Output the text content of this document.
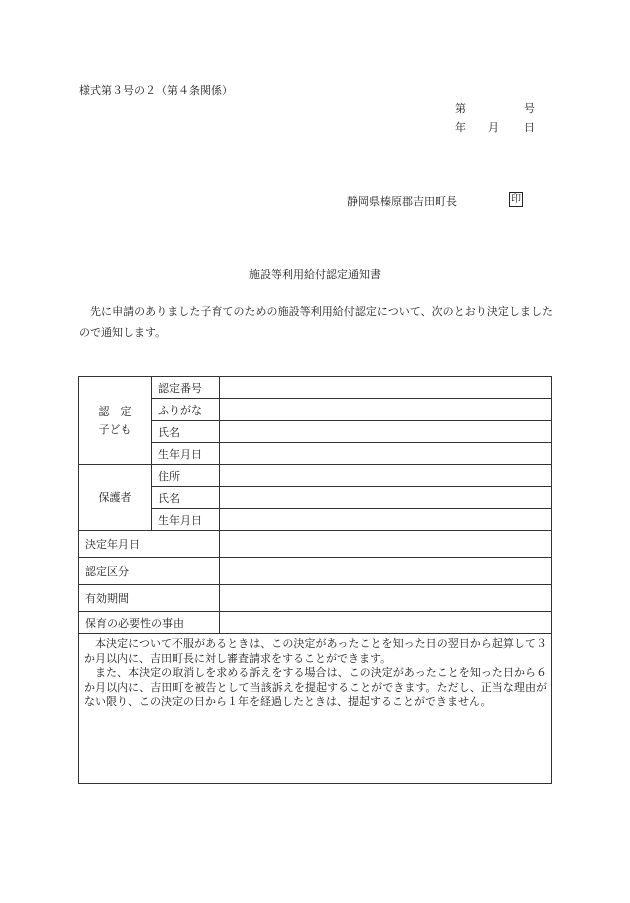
様式第３号の２（第４条関係）
第	号
年 月 日
静岡県榛原郡吉田町長	印
施設等利用給付認定通知書
先に申請のありました子育てのための施設等利用給付認定について、次のとおり決定しましたので通知します。
認　定
子ども	認定番号	
	ふりがな	
	氏名	
	生年月日	
保護者	住所	
	氏名	
	生年月日	
決定年月日		
認定区分		
有効期間		
保育の必要性の事由		

本決定について不服があるときは、この決定があったことを知った日の翌日から起算して３か月以内に、吉田町長に対し審査請求をすることができます。

また、本決定の取消しを求める訴えをする場合は、この決定があったことを知った日から６か月以内に、吉田町を被告として当該訴えを提起することができます。ただし、正当な理由がない限り、この決定の日から１年を経過したときは、提起することができません。		
